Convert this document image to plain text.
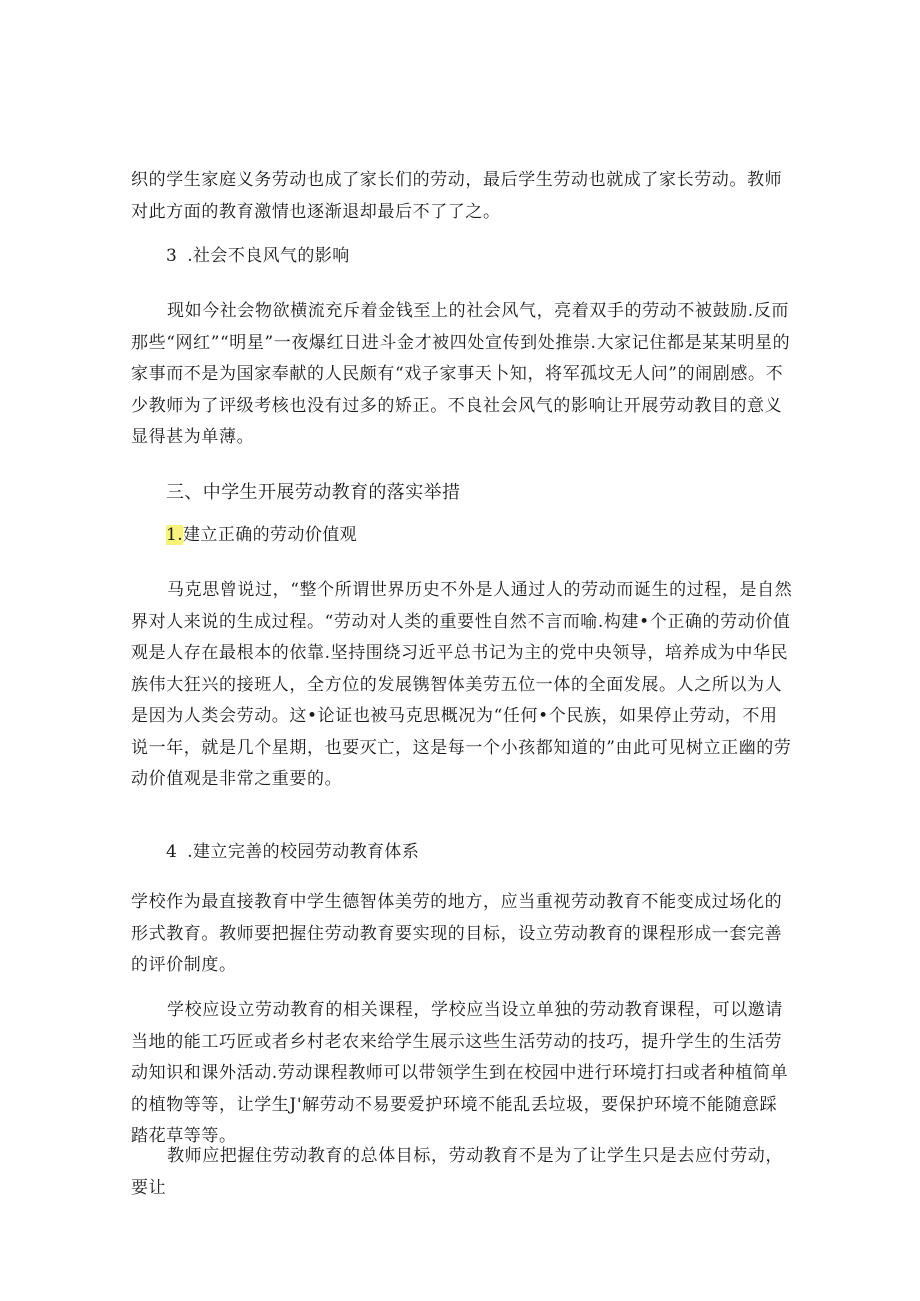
织的学生家庭义务劳动也成了家长们的劳动，最后学生劳动也就成了家长劳动。教师对此方面的教育激情也逐渐退却最后不了了之。

3 .社会不良风气的影响

现如今社会物欲横流充斥着金钱至上的社会风气，亮着双手的劳动不被鼓励.反而那些“网红”“明星”一夜爆红日进斗金才被四处宣传到处推崇.大家记住都是某某明星的家事而不是为国家奉献的人民颇有“戏子家事天卜知，将军孤坟无人问”的闹剧感。不少教师为了评级考核也没有过多的矫正。不良社会风气的影响让开展劳动教目的意义显得甚为单薄。

三、中学生开展劳动教育的落实举措

1.建立正确的劳动价值观

马克思曾说过，“整个所谓世界历史不外是人通过人的劳动而诞生的过程，是自然界对人来说的生成过程。“劳动对人类的重要性自然不言而喻.构建•个正确的劳动价值观是人存在最根本的依靠.坚持围绕习近平总书记为主的党中央领导，培养成为中华民族伟大狂兴的接班人，全方位的发展镌智体美劳五位一体的全面发展。人之所以为人是因为人类会劳动。这•论证也被马克思概况为“任何•个民族，如果停止劳动，不用说一年，就是几个星期，也要灭亡，这是每一个小孩都知道的”由此可见树立正幽的劳动价值观是非常之重要的。

4 .建立完善的校园劳动教育体系

学校作为最直接教育中学生德智体美劳的地方，应当重视劳动教育不能变成过场化的形式教育。教师要把握住劳动教育要实现的目标，设立劳动教育的课程形成一套完善的评价制度。

学校应设立劳动教育的相关课程，学校应当设立单独的劳动教育课程，可以邀请当地的能工巧匠或者乡村老农来给学生展示这些生活劳动的技巧，提升学生的生活劳动知识和课外活动.劳动课程教师可以带领学生到在校园中进行环境打扫或者种植简单的植物等等，让学生J'解劳动不易要爱护环境不能乱丢垃圾，要保护环境不能随意踩踏花草等等。

教师应把握住劳动教育的总体目标，劳动教育不是为了让学生只是去应付劳动，要让
